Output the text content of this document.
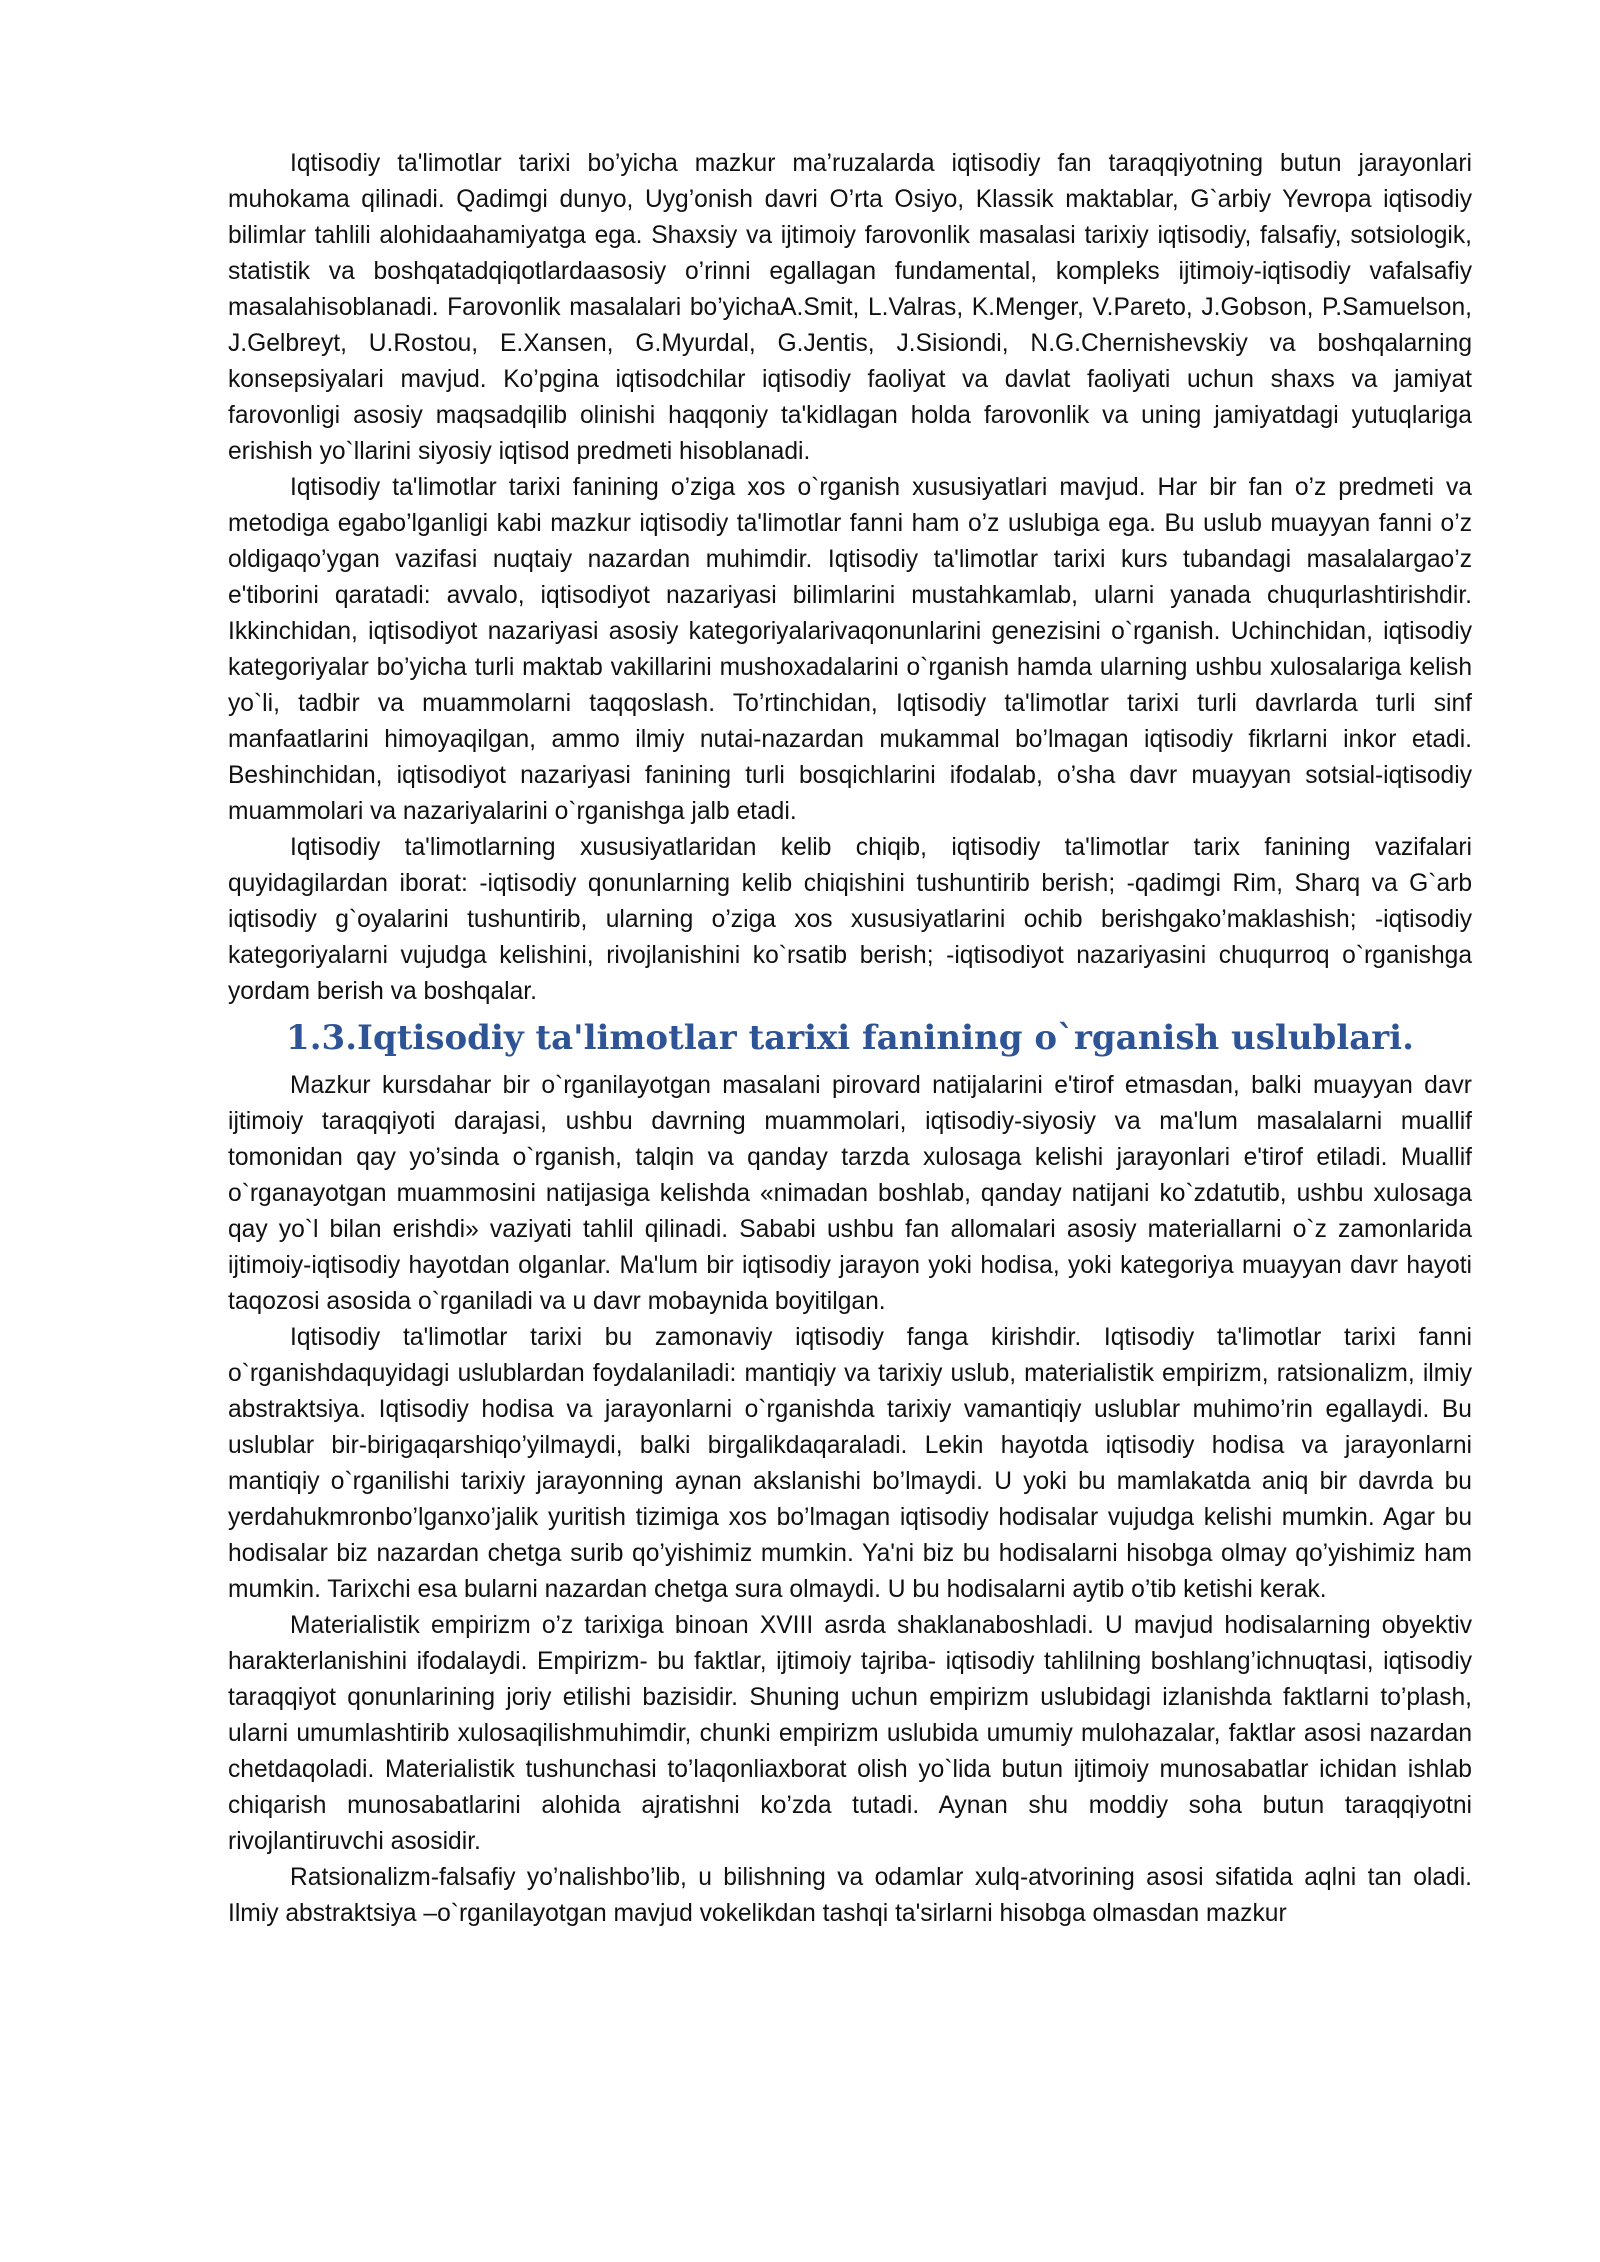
Iqtisodiy ta'limotlar tarixi bo’yicha mazkur ma’ruzalarda iqtisodiy fan taraqqiyotning butun jarayonlari muhokama qilinadi. Qadimgi dunyo, Uyg’onish davri O’rta Osiyo, Klassik maktablar, G`arbiy Yevropa iqtisodiy bilimlar tahlili alohidaahamiyatga ega. Shaxsiy va ijtimoiy farovonlik masalasi tarixiy iqtisodiy, falsafiy, sotsiologik, statistik va boshqatadqiqotlardaasosiy o’rinni egallagan fundamental, kompleks ijtimoiy-iqtisodiy vafalsafiy masalahisoblanadi. Farovonlik masalalari bo’yichaA.Smit, L.Valras, K.Menger, V.Pareto, J.Gobson, P.Samuelson, J.Gelbreyt, U.Rostou, E.Xansen, G.Myurdal, G.Jentis, J.Sisiondi, N.G.Chernishevskiy va boshqalarning konsepsiyalari mavjud. Ko’pgina iqtisodchilar iqtisodiy faoliyat va davlat faoliyati uchun shaxs va jamiyat farovonligi asosiy maqsadqilib olinishi haqqoniy ta'kidlagan holda farovonlik va uning jamiyatdagi yutuqlariga erishish yo`llarini siyosiy iqtisod predmeti hisoblanadi.

Iqtisodiy ta'limotlar tarixi fanining o’ziga xos o`rganish xususiyatlari mavjud. Har bir fan o’z predmeti va metodiga egabo’lganligi kabi mazkur iqtisodiy ta'limotlar fanni ham o’z uslubiga ega. Bu uslub muayyan fanni o’z oldigaqo’ygan vazifasi nuqtaiy nazardan muhimdir. Iqtisodiy ta'limotlar tarixi kurs tubandagi masalalargao’z e'tiborini qaratadi: avvalo, iqtisodiyot nazariyasi bilimlarini mustahkamlab, ularni yanada chuqurlashtirishdir. Ikkinchidan, iqtisodiyot nazariyasi asosiy kategoriyalarivaqonunlarini genezisini o`rganish. Uchinchidan, iqtisodiy kategoriyalar bo’yicha turli maktab vakillarini mushoxadalarini o`rganish hamda ularning ushbu xulosalariga kelish yo`li, tadbir va muammolarni taqqoslash. To’rtinchidan, Iqtisodiy ta'limotlar tarixi turli davrlarda turli sinf manfaatlarini himoyaqilgan, ammo ilmiy nutai-nazardan mukammal bo’lmagan iqtisodiy fikrlarni inkor etadi. Beshinchidan, iqtisodiyot nazariyasi fanining turli bosqichlarini ifodalab, o’sha davr muayyan sotsial-iqtisodiy muammolari va nazariyalarini o`rganishga jalb etadi.

Iqtisodiy ta'limotlarning xususiyatlaridan kelib chiqib, iqtisodiy ta'limotlar tarix fanining vazifalari quyidagilardan iborat: -iqtisodiy qonunlarning kelib chiqishini tushuntirib berish; -qadimgi Rim, Sharq va G`arb iqtisodiy g`oyalarini tushuntirib, ularning o’ziga xos xususiyatlarini ochib berishgako’maklashish; -iqtisodiy kategoriyalarni vujudga kelishini, rivojlanishini ko`rsatib berish; -iqtisodiyot nazariyasini chuqurroq o`rganishga yordam berish va boshqalar.

1.3.Iqtisodiy ta'limotlar tarixi fanining o`rganish uslublari.

Mazkur kursdahar bir o`rganilayotgan masalani pirovard natijalarini e'tirof etmasdan, balki muayyan davr ijtimoiy taraqqiyoti darajasi, ushbu davrning muammolari, iqtisodiy-siyosiy va ma'lum masalalarni muallif tomonidan qay yo’sinda o`rganish, talqin va qanday tarzda xulosaga kelishi jarayonlari e'tirof etiladi. Muallif o`rganayotgan muammosini natijasiga kelishda «nimadan boshlab, qanday natijani ko`zdatutib, ushbu xulosaga qay yo`l bilan erishdi» vaziyati tahlil qilinadi. Sababi ushbu fan allomalari asosiy materiallarni o`z zamonlarida ijtimoiy-iqtisodiy hayotdan olganlar. Ma'lum bir iqtisodiy jarayon yoki hodisa, yoki kategoriya muayyan davr hayoti taqozosi asosida o`rganiladi va u davr mobaynida boyitilgan.

Iqtisodiy ta'limotlar tarixi bu zamonaviy iqtisodiy fanga kirishdir. Iqtisodiy ta'limotlar tarixi fanni o`rganishdaquyidagi uslublardan foydalaniladi: mantiqiy va tarixiy uslub, materialistik empirizm, ratsionalizm, ilmiy abstraktsiya. Iqtisodiy hodisa va jarayonlarni o`rganishda tarixiy vamantiqiy uslublar muhimo’rin egallaydi. Bu uslublar bir-birigaqarshiqo’yilmaydi, balki birgalikdaqaraladi. Lekin hayotda iqtisodiy hodisa va jarayonlarni mantiqiy o`rganilishi tarixiy jarayonning aynan akslanishi bo’lmaydi. U yoki bu mamlakatda aniq bir davrda bu yerdahukmronbo’lganxo’jalik yuritish tizimiga xos bo’lmagan iqtisodiy hodisalar vujudga kelishi mumkin. Agar bu hodisalar biz nazardan chetga surib qo’yishimiz mumkin. Ya'ni biz bu hodisalarni hisobga olmay qo’yishimiz ham mumkin. Tarixchi esa bularni nazardan chetga sura olmaydi. U bu hodisalarni aytib o’tib ketishi kerak.

Materialistik empirizm o’z tarixiga binoan XVIII asrda shaklanaboshladi. U mavjud hodisalarning obyektiv harakterlanishini ifodalaydi. Empirizm- bu faktlar, ijtimoiy tajriba- iqtisodiy tahlilning boshlang’ichnuqtasi, iqtisodiy taraqqiyot qonunlarining joriy etilishi bazisidir. Shuning uchun empirizm uslubidagi izlanishda faktlarni to’plash, ularni umumlashtirib xulosaqilishmuhimdir, chunki empirizm uslubida umumiy mulohazalar, faktlar asosi nazardan chetdaqoladi. Materialistik tushunchasi to’laqonliaxborat olish yo`lida butun ijtimoiy munosabatlar ichidan ishlab chiqarish munosabatlarini alohida ajratishni ko’zda tutadi. Aynan shu moddiy soha butun taraqqiyotni rivojlantiruvchi asosidir.

Ratsionalizm-falsafiy yo’nalishbo’lib, u bilishning va odamlar xulq-atvorining asosi sifatida aqlni tan oladi. Ilmiy abstraktsiya –o`rganilayotgan mavjud vokelikdan tashqi ta'sirlarni hisobga olmasdan mazkur
